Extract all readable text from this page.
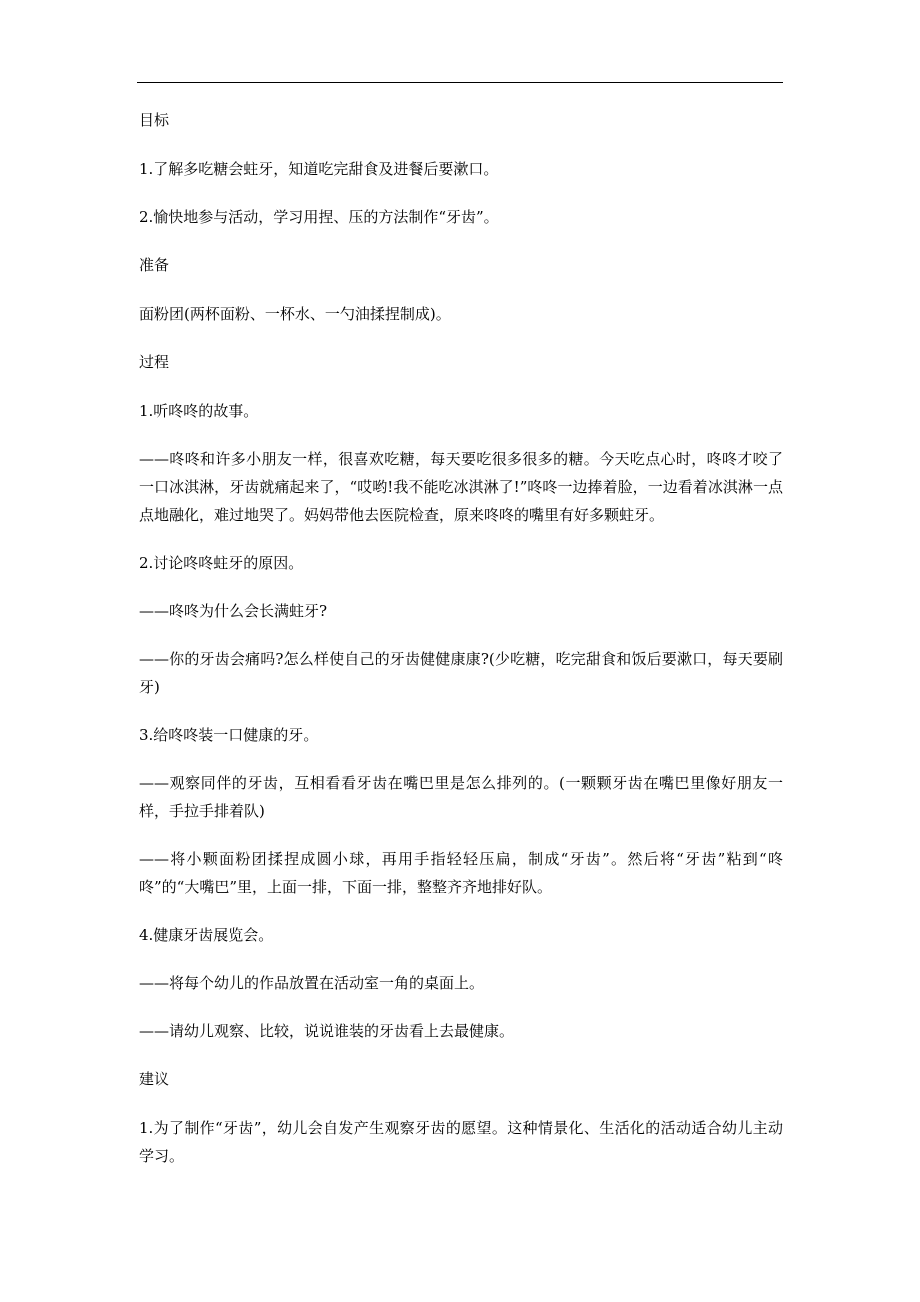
目标

1.了解多吃糖会蛀牙，知道吃完甜食及进餐后要漱口。

2.愉快地参与活动，学习用捏、压的方法制作“牙齿”。

准备

面粉团(两杯面粉、一杯水、一勺油揉捏制成)。

过程

1.听咚咚的故事。

——咚咚和许多小朋友一样，很喜欢吃糖，每天要吃很多很多的糖。今天吃点心时，咚咚才咬了一口冰淇淋，牙齿就痛起来了，“哎哟!我不能吃冰淇淋了!”咚咚一边捧着脸，一边看着冰淇淋一点点地融化，难过地哭了。妈妈带他去医院检查，原来咚咚的嘴里有好多颗蛀牙。

2.讨论咚咚蛀牙的原因。

——咚咚为什么会长满蛀牙?

——你的牙齿会痛吗?怎么样使自己的牙齿健健康康?(少吃糖，吃完甜食和饭后要漱口，每天要刷牙)

3.给咚咚装一口健康的牙。

——观察同伴的牙齿，互相看看牙齿在嘴巴里是怎么排列的。(一颗颗牙齿在嘴巴里像好朋友一样，手拉手排着队)

——将小颗面粉团揉捏成圆小球，再用手指轻轻压扁，制成“牙齿”。然后将“牙齿”粘到“咚咚”的“大嘴巴”里，上面一排，下面一排，整整齐齐地排好队。

4.健康牙齿展览会。

——将每个幼儿的作品放置在活动室一角的桌面上。

——请幼儿观察、比较，说说谁装的牙齿看上去最健康。

建议

1.为了制作“牙齿”，幼儿会自发产生观察牙齿的愿望。这种情景化、生活化的活动适合幼儿主动学习。
